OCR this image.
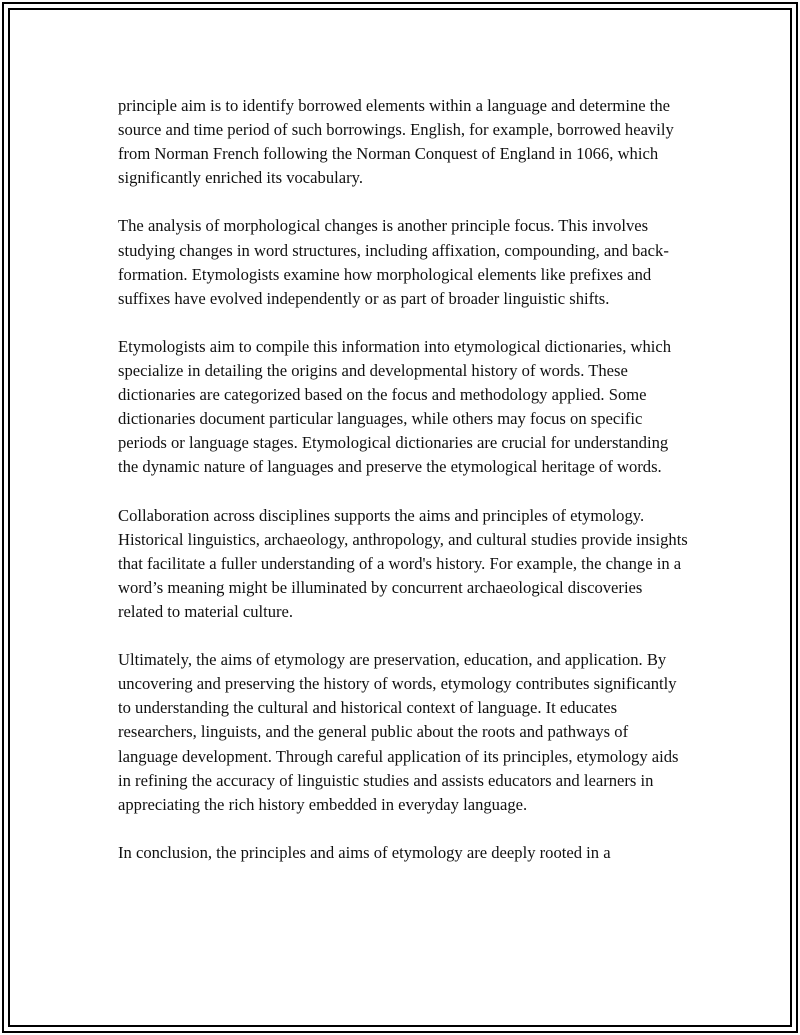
principle aim is to identify borrowed elements within a language and determine the source and time period of such borrowings. English, for example, borrowed heavily from Norman French following the Norman Conquest of England in 1066, which significantly enriched its vocabulary.

The analysis of morphological changes is another principle focus. This involves studying changes in word structures, including affixation, compounding, and back-formation. Etymologists examine how morphological elements like prefixes and suffixes have evolved independently or as part of broader linguistic shifts.

Etymologists aim to compile this information into etymological dictionaries, which specialize in detailing the origins and developmental history of words. These dictionaries are categorized based on the focus and methodology applied. Some dictionaries document particular languages, while others may focus on specific periods or language stages. Etymological dictionaries are crucial for understanding the dynamic nature of languages and preserve the etymological heritage of words.

Collaboration across disciplines supports the aims and principles of etymology. Historical linguistics, archaeology, anthropology, and cultural studies provide insights that facilitate a fuller understanding of a word's history. For example, the change in a word’s meaning might be illuminated by concurrent archaeological discoveries related to material culture.

Ultimately, the aims of etymology are preservation, education, and application. By uncovering and preserving the history of words, etymology contributes significantly to understanding the cultural and historical context of language. It educates researchers, linguists, and the general public about the roots and pathways of language development. Through careful application of its principles, etymology aids in refining the accuracy of linguistic studies and assists educators and learners in appreciating the rich history embedded in everyday language.

In conclusion, the principles and aims of etymology are deeply rooted in a
